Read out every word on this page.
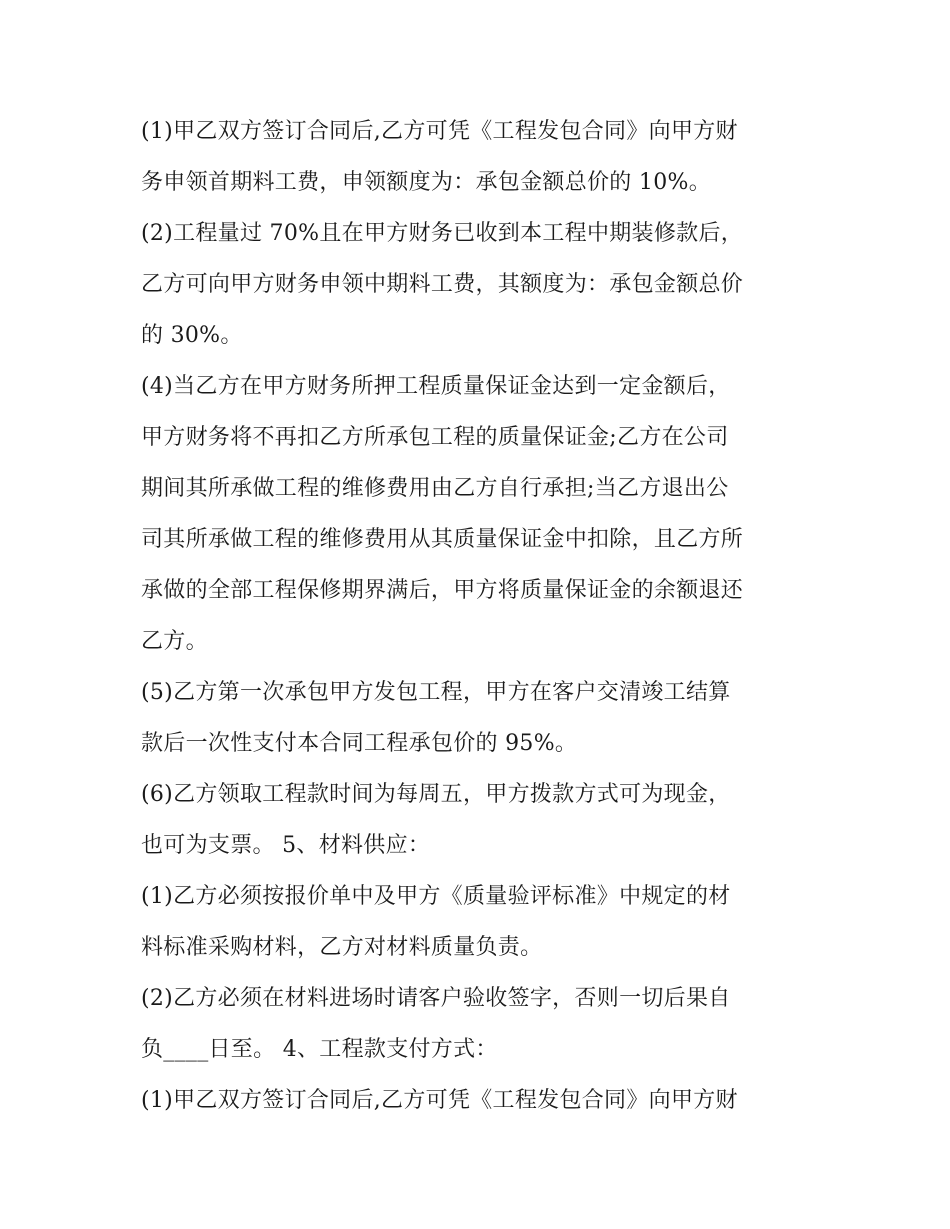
(1)甲乙双方签订合同后,乙方可凭《工程发包合同》向甲方财
务申领首期料工费，申领额度为：承包金额总价的 10%。
(2)工程量过 70%且在甲方财务已收到本工程中期装修款后，
乙方可向甲方财务申领中期料工费，其额度为：承包金额总价
的 30%。
(4)当乙方在甲方财务所押工程质量保证金达到一定金额后，
甲方财务将不再扣乙方所承包工程的质量保证金;乙方在公司
期间其所承做工程的维修费用由乙方自行承担;当乙方退出公
司其所承做工程的维修费用从其质量保证金中扣除，且乙方所
承做的全部工程保修期界满后，甲方将质量保证金的余额退还
乙方。
(5)乙方第一次承包甲方发包工程，甲方在客户交清竣工结算
款后一次性支付本合同工程承包价的 95%。
(6)乙方领取工程款时间为每周五，甲方拨款方式可为现金，
也可为支票。 5、材料供应：
(1)乙方必须按报价单中及甲方《质量验评标准》中规定的材
料标准采购材料，乙方对材料质量负责。
(2)乙方必须在材料进场时请客户验收签字，否则一切后果自
负____日至。 4、工程款支付方式：
(1)甲乙双方签订合同后,乙方可凭《工程发包合同》向甲方财
